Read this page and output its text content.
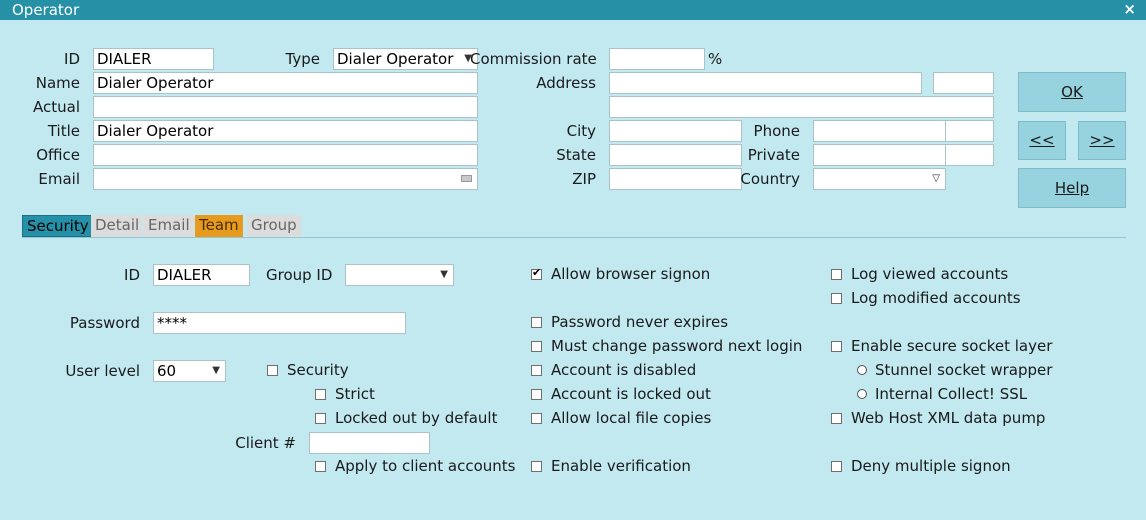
Operator	×
ID DIALER	Type Dialer Operator ▼
Name Dialer Operator
Actual
Title Dialer Operator
Office
Email
Commission rate	%
Address
City
State
ZIP
Phone
Private
Country	▽
OK
<<	>>
Help
Security Detail Email Team Group
ID DIALER	Group ID	▼
Password ****
User level 60	▼
Client #
Security
Strict
Locked out by default
Apply to client accounts
✔
Allow browser signon
Password never expires
Must change password next login
Account is disabled
Account is locked out
Allow local file copies
Enable verification
Log viewed accounts
Log modified accounts
Enable secure socket layer
Stunnel socket wrapper
Internal Collect! SSL
Web Host XML data pump
Deny multiple signon
